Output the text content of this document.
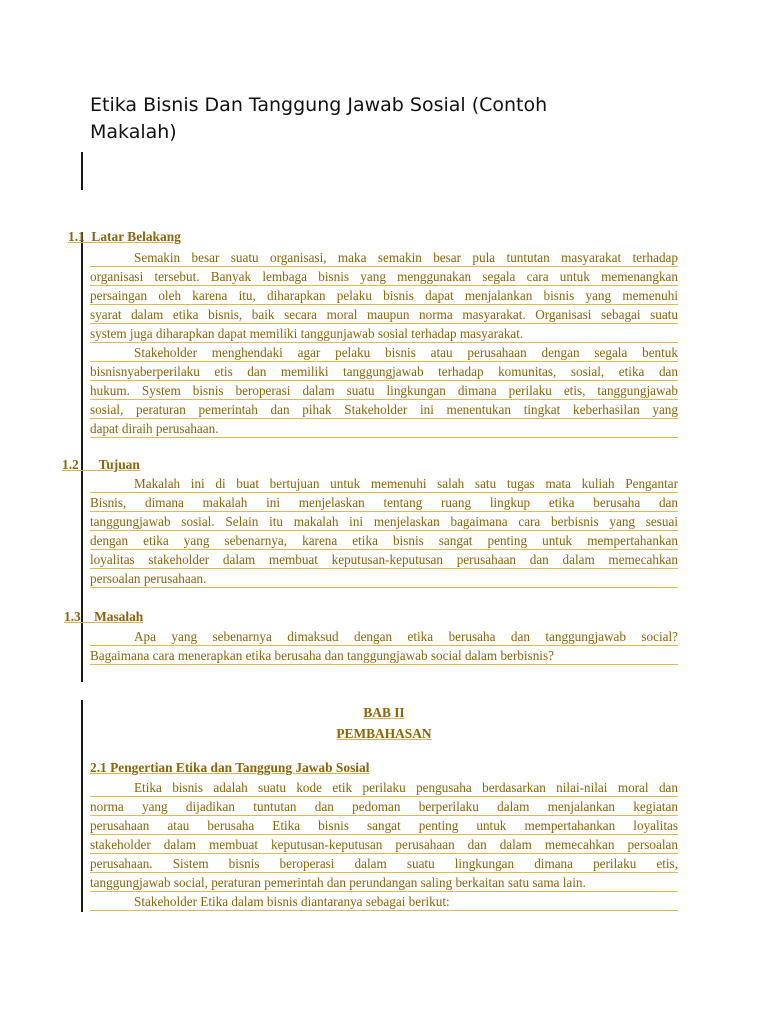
Etika Bisnis Dan Tanggung Jawab Sosial (Contoh
Makalah)
1.1  Latar Belakang
Semakin besar suatu organisasi, maka semakin besar pula tuntutan masyarakat terhadap
organisasi tersebut. Banyak lembaga bisnis yang menggunakan segala cara untuk memenangkan
persaingan oleh karena itu, diharapkan pelaku bisnis dapat menjalankan bisnis yang memenuhi
syarat dalam etika bisnis, baik secara moral maupun norma masyarakat. Organisasi sebagai suatu
system juga diharapkan dapat memiliki tanggunjawab sosial terhadap masyarakat.
Stakeholder menghendaki agar pelaku bisnis atau perusahaan dengan segala bentuk
bisnisnyaberperilaku etis dan memiliki tanggungjawab terhadap komunitas, sosial, etika dan
hukum. System bisnis beroperasi dalam suatu lingkungan dimana perilaku etis, tanggungjawab
sosial, peraturan pemerintah dan pihak Stakeholder ini menentukan tingkat keberhasilan yang
dapat diraih perusahaan.
1.2      Tujuan
Makalah ini di buat bertujuan untuk memenuhi salah satu tugas mata kuliah Pengantar
Bisnis, dimana makalah ini menjelaskan tentang ruang lingkup etika berusaha dan
tanggungjawab sosial. Selain itu makalah ini menjelaskan bagaimana cara berbisnis yang sesuai
dengan etika yang sebenarnya, karena etika bisnis sangat penting untuk mempertahankan
loyalitas stakeholder dalam membuat keputusan-keputusan perusahaan dan dalam memecahkan
persoalan perusahaan.
1.3    Masalah
Apa yang sebenarnya dimaksud dengan etika berusaha dan tanggungjawab social?
Bagaimana cara menerapkan etika berusaha dan tanggungjawab social dalam berbisnis?
BAB II
PEMBAHASAN
2.1 Pengertian Etika dan Tanggung Jawab Sosial
Etika bisnis adalah suatu kode etik perilaku pengusaha berdasarkan nilai-nilai moral dan
norma yang dijadikan tuntutan dan pedoman berperilaku dalam menjalankan kegiatan
perusahaan atau berusaha Etika bisnis sangat penting untuk mempertahankan loyalitas
stakeholder dalam membuat keputusan-keputusan perusahaan dan dalam memecahkan persoalan
perusahaan. Sistem bisnis beroperasi dalam suatu lingkungan dimana perilaku etis,
tanggungjawab social, peraturan pemerintah dan perundangan saling berkaitan satu sama lain.
Stakeholder Etika dalam bisnis diantaranya sebagai berikut:
